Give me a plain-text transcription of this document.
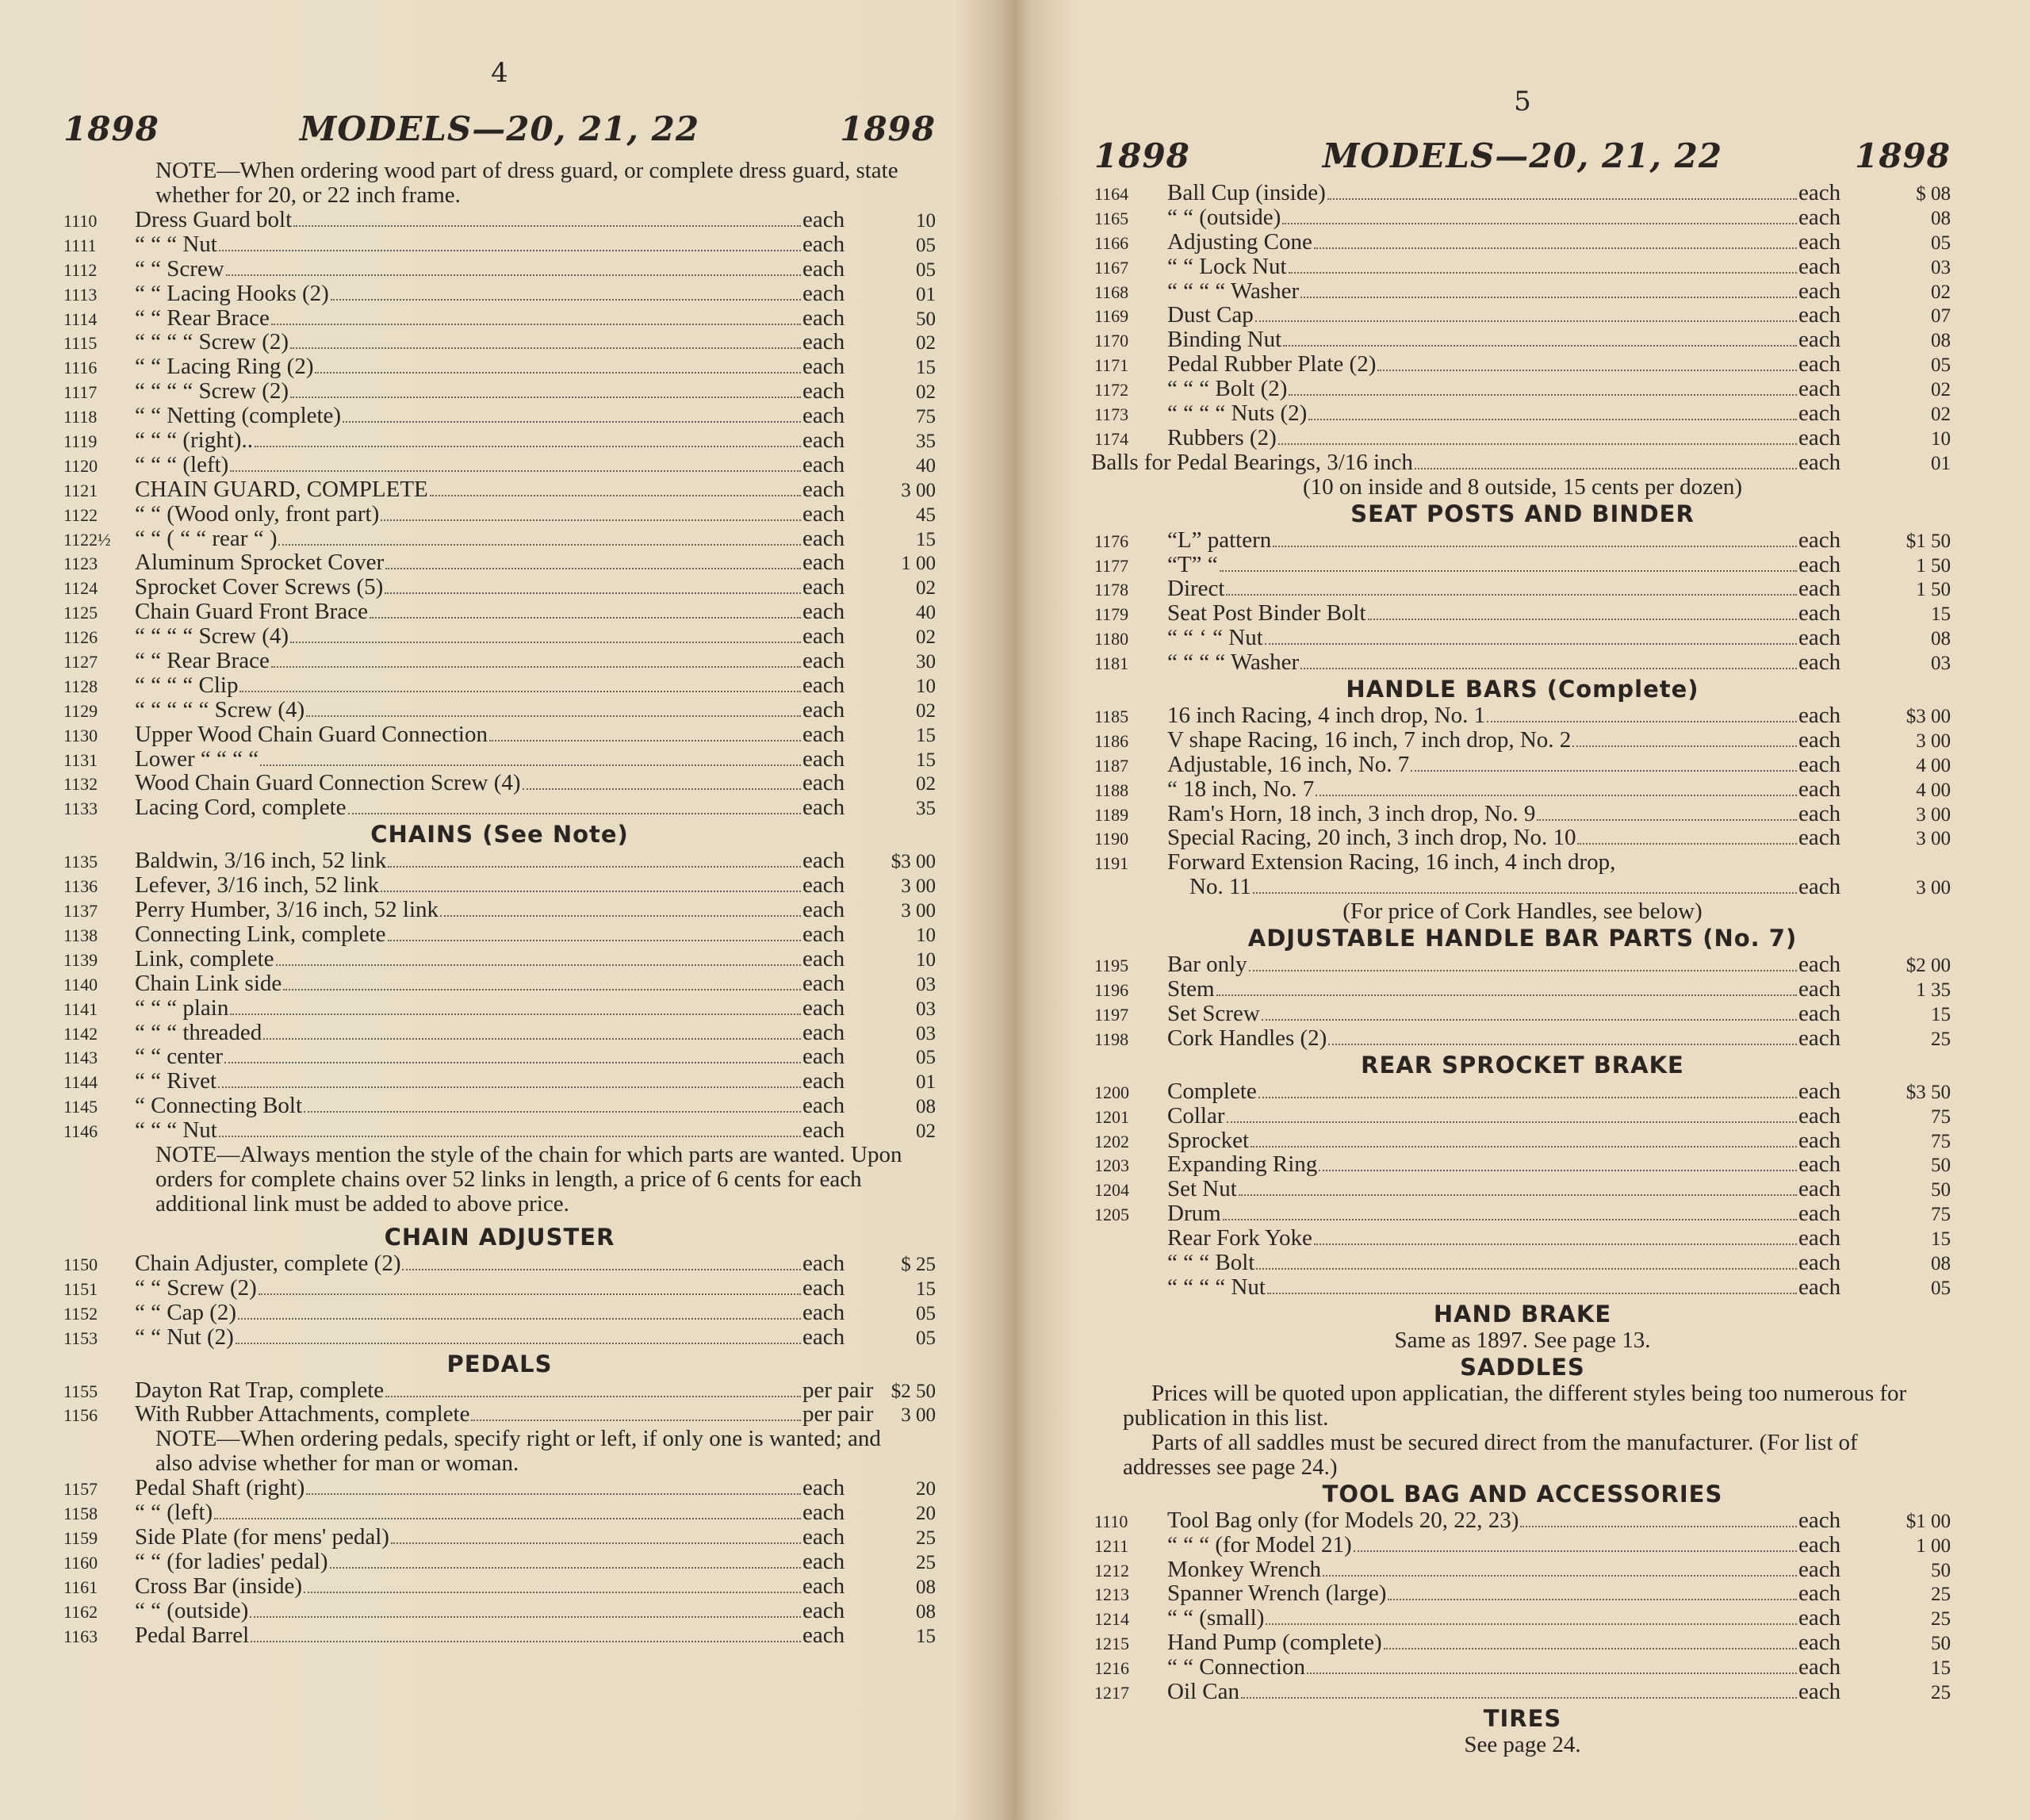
4
1898	MODELS—20, 21, 22	1898
NOTE—When ordering wood part of dress guard, or complete dress guard, state whether for 20, or 22 inch frame.
1110	Dress Guard bolt	each	10
1111	“ “ “ Nut	each	05
1112	“ “ Screw	each	05
1113	“ “ Lacing Hooks (2)	each	01
1114	“ “ Rear Brace	each	50
1115	“ “ “ “ Screw (2)	each	02
1116	“ “ Lacing Ring (2)	each	15
1117	“ “ “ “ Screw (2)	each	02
1118	“ “ Netting (complete)	each	75
1119	“ “ “ (right)..	each	35
1120	“ “ “ (left)	each	40
1121	CHAIN GUARD, COMPLETE	each	3 00
1122	“ “ (Wood only, front part)	each	45
1122½	“ “ ( “ “ rear “ )	each	15
1123	Aluminum Sprocket Cover	each	1 00
1124	Sprocket Cover Screws (5)	each	02
1125	Chain Guard Front Brace	each	40
1126	“ “ “ “ Screw (4)	each	02
1127	“ “ Rear Brace	each	30
1128	“ “ “ “ Clip	each	10
1129	“ “ “ “ “ Screw (4)	each	02
1130	Upper Wood Chain Guard Connection	each	15
1131	Lower “ “ “ “	each	15
1132	Wood Chain Guard Connection Screw (4)	each	02
1133	Lacing Cord, complete	each	35
CHAINS (See Note)
1135	Baldwin, 3/16 inch, 52 link	each	$3 00
1136	Lefever, 3/16 inch, 52 link	each	3 00
1137	Perry Humber, 3/16 inch, 52 link	each	3 00
1138	Connecting Link, complete	each	10
1139	Link, complete	each	10
1140	Chain Link side	each	03
1141	“ “ “ plain	each	03
1142	“ “ “ threaded	each	03
1143	“ “ center	each	05
1144	“ “ Rivet	each	01
1145	“ Connecting Bolt	each	08
1146	“ “ “ Nut	each	02
NOTE—Always mention the style of the chain for which parts are wanted. Upon orders for complete chains over 52 links in length, a price of 6 cents for each additional link must be added to above price.
CHAIN ADJUSTER
1150	Chain Adjuster, complete (2)	each	$ 25
1151	“ “ Screw (2)	each	15
1152	“ “ Cap (2)	each	05
1153	“ “ Nut (2)	each	05
PEDALS
1155	Dayton Rat Trap, complete	per pair $2 50
1156	With Rubber Attachments, complete	per pair	3 00
NOTE—When ordering pedals, specify right or left, if only one is wanted; and also advise whether for man or woman.
1157	Pedal Shaft (right)	each	20
1158	“ “ (left)	each	20
1159	Side Plate (for mens' pedal)	each	25
1160	“ “ (for ladies' pedal)	each	25
1161	Cross Bar (inside)	each	08
1162	“ “ (outside)	each	08
1163	Pedal Barrel	each	15
5
1898	MODELS—20, 21, 22	1898
1164	Ball Cup (inside)	each	$ 08
1165	“ “ (outside)	each	08
1166	Adjusting Cone	each	05
1167	“ “ Lock Nut	each	03
1168	“ “ “ “ Washer	each	02
1169	Dust Cap	each	07
1170	Binding Nut	each	08
1171	Pedal Rubber Plate (2)	each	05
1172	“ “ “ Bolt (2)	each	02
1173	“ “ “ “ Nuts (2)	each	02
1174	Rubbers (2)	each	10
Balls for Pedal Bearings, 3/16 inch	each	01
(10 on inside and 8 outside, 15 cents per dozen)
SEAT POSTS AND BINDER
1176	“L” pattern	each	$1 50
1177	“T” “	each	1 50
1178	Direct	each	1 50
1179	Seat Post Binder Bolt	each	15
1180	“ “ ‘ “ Nut	each	08
1181	“ “ “ “ Washer	each	03
HANDLE BARS (Complete)
1185	16 inch Racing, 4 inch drop, No. 1	each	$3 00
1186	V shape Racing, 16 inch, 7 inch drop, No. 2	each	3 00
1187	Adjustable, 16 inch, No. 7	each	4 00
1188	“ 18 inch, No. 7	each	4 00
1189	Ram's Horn, 18 inch, 3 inch drop, No. 9	each	3 00
1190	Special Racing, 20 inch, 3 inch drop, No. 10	each	3 00
1191	Forward Extension Racing, 16 inch, 4 inch drop,
No. 11	each	3 00
(For price of Cork Handles, see below)
ADJUSTABLE HANDLE BAR PARTS (No. 7)
1195	Bar only	each	$2 00
1196	Stem	each	1 35
1197	Set Screw	each	15
1198	Cork Handles (2)	each	25
REAR SPROCKET BRAKE
1200	Complete	each	$3 50
1201	Collar	each	75
1202	Sprocket	each	75
1203	Expanding Ring	each	50
1204	Set Nut	each	50
1205	Drum	each	75
Rear Fork Yoke	each	15
“ “ “ Bolt	each	08
“ “ “ “ Nut	each	05
HAND BRAKE
Same as 1897. See page 13.
SADDLES
Prices will be quoted upon applicatian, the different styles being too numerous for publication in this list.
Parts of all saddles must be secured direct from the manufacturer. (For list of addresses see page 24.)
TOOL BAG AND ACCESSORIES
1110	Tool Bag only (for Models 20, 22, 23)	each	$1 00
1211	“ “ “ (for Model 21)	each	1 00
1212	Monkey Wrench	each	50
1213	Spanner Wrench (large)	each	25
1214	“ “ (small)	each	25
1215	Hand Pump (complete)	each	50
1216	“ “ Connection	each	15
1217	Oil Can	each	25
TIRES
See page 24.
